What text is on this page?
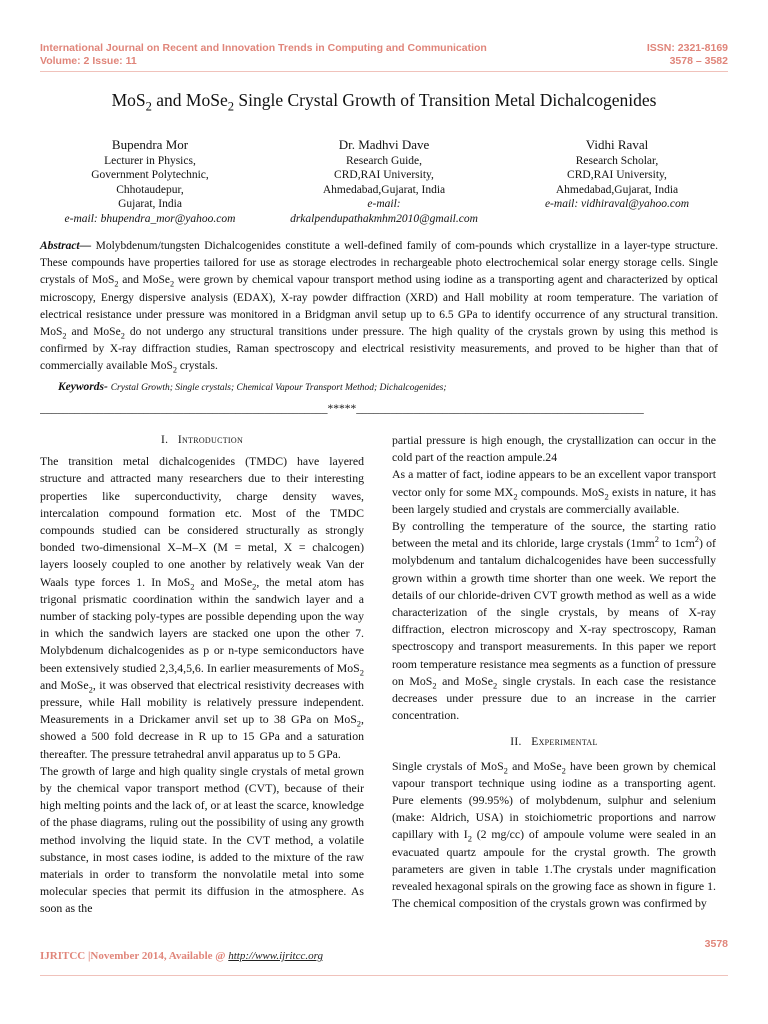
International Journal on Recent and Innovation Trends in Computing and Communication
Volume: 2 Issue: 11
ISSN: 2321-8169
3578 – 3582
MoS$_2$ and MoSe$_2$ Single Crystal Growth of Transition Metal Dichalcogenides
Bupendra Mor
Lecturer in Physics,
Government Polytechnic,
Chhotaudepur,
Gujarat, India
e-mail: bhupendra_mor@yahoo.com
Dr. Madhvi Dave
Research Guide,
CRD,RAI University,
Ahmedabad,Gujarat, India
e-mail:
drkalpendupathakmhm2010@gmail.com
Vidhi Raval
Research Scholar,
CRD,RAI University,
Ahmedabad,Gujarat, India
e-mail: vidhiraval@yahoo.com
Abstract— Molybdenum/tungsten Dichalcogenides constitute a well-defined family of com-pounds which crystallize in a layer-type structure. These compounds have properties tailored for use as storage electrodes in rechargeable photo electrochemical solar energy storage cells. Single crystals of MoS$_2$ and MoSe$_2$ were grown by chemical vapour transport method using iodine as a transporting agent and characterized by optical microscopy, Energy dispersive analysis (EDAX), X-ray powder diffraction (XRD) and Hall mobility at room temperature. The variation of electrical resistance under pressure was monitored in a Bridgman anvil setup up to 6.5 GPa to identify occurrence of any structural transition. MoS$_2$ and MoSe$_2$ do not undergo any structural transitions under pressure. The high quality of the crystals grown by using this method is confirmed by X-ray diffraction studies, Raman spectroscopy and electrical resistivity measurements, and proved to be higher than that of commercially available MoS$_2$ crystals.
Keywords- Crystal Growth; Single crystals; Chemical Vapour Transport Method; Dichalcogenides;
__________________________________________________*****__________________________________________________
I. Introduction

The transition metal dichalcogenides (TMDC) have layered structure and attracted many researchers due to their interesting properties like superconductivity, charge density waves, intercalation compound formation etc. Most of the TMDC compounds studied can be considered structurally as strongly bonded two-dimensional X–M–X (M = metal, X = chalcogen) layers loosely coupled to one another by relatively weak Van der Waals type forces 1. In MoS$_2$ and MoSe$_2$, the metal atom has trigonal prismatic coordination within the sandwich layer and a number of stacking poly-types are possible depending upon the way in which the sandwich layers are stacked one upon the other 7. Molybdenum dichalcogenides as p or n-type semiconductors have been extensively studied 2,3,4,5,6. In earlier measurements of MoS$_2$ and MoSe$_2$, it was observed that electrical resistivity decreases with pressure, while Hall mobility is relatively pressure independent. Measurements in a Drickamer anvil set up to 38 GPa on MoS$_2$, showed a 500 fold decrease in R up to 15 GPa and a saturation thereafter. The pressure tetrahedral anvil apparatus up to 5 GPa.

The growth of large and high quality single crystals of metal grown by the chemical vapor transport method (CVT), because of their high melting points and the lack of, or at least the scarce, knowledge of the phase diagrams, ruling out the possibility of using any growth method involving the liquid state. In the CVT method, a volatile substance, in most cases iodine, is added to the mixture of the raw materials in order to transform the nonvolatile metal into some molecular species that permit its diffusion in the atmosphere. As soon as the

partial pressure is high enough, the crystallization can occur in the cold part of the reaction ampule.24

As a matter of fact, iodine appears to be an excellent vapor transport vector only for some $MX_2$ compounds. MoS$_2$ exists in nature, it has been largely studied and crystals are commercially available.

By controlling the temperature of the source, the starting ratio between the metal and its chloride, large crystals ($1mm^2$ to $1cm^2$) of molybdenum and tantalum dichalcogenides have been successfully grown within a growth time shorter than one week. We report the details of our chloride-driven CVT growth method as well as a wide characterization of the single crystals, by means of X-ray diffraction, electron microscopy and X-ray spectroscopy, Raman spectroscopy and transport measurements. In this paper we report room temperature resistance mea segments as a function of pressure on MoS$_2$ and MoSe$_2$ single crystals. In each case the resistance decreases under pressure due to an increase in the carrier concentration.

II. Experimental

Single crystals of MoS$_2$ and MoSe$_2$ have been grown by chemical vapour transport technique using iodine as a transporting agent. Pure elements (99.95%) of molybdenum, sulphur and selenium (make: Aldrich, USA) in stoichiometric proportions and narrow capillary with $I_2$ (2 mg/cc) of ampoule volume were sealed in an evacuated quartz ampoule for the crystal growth. The growth parameters are given in table 1.The crystals under magnification revealed hexagonal spirals on the growing face as shown in figure 1. The chemical composition of the crystals grown was confirmed by

3578
IJRITCC |November 2014, Available @ http://www.ijritcc.org
